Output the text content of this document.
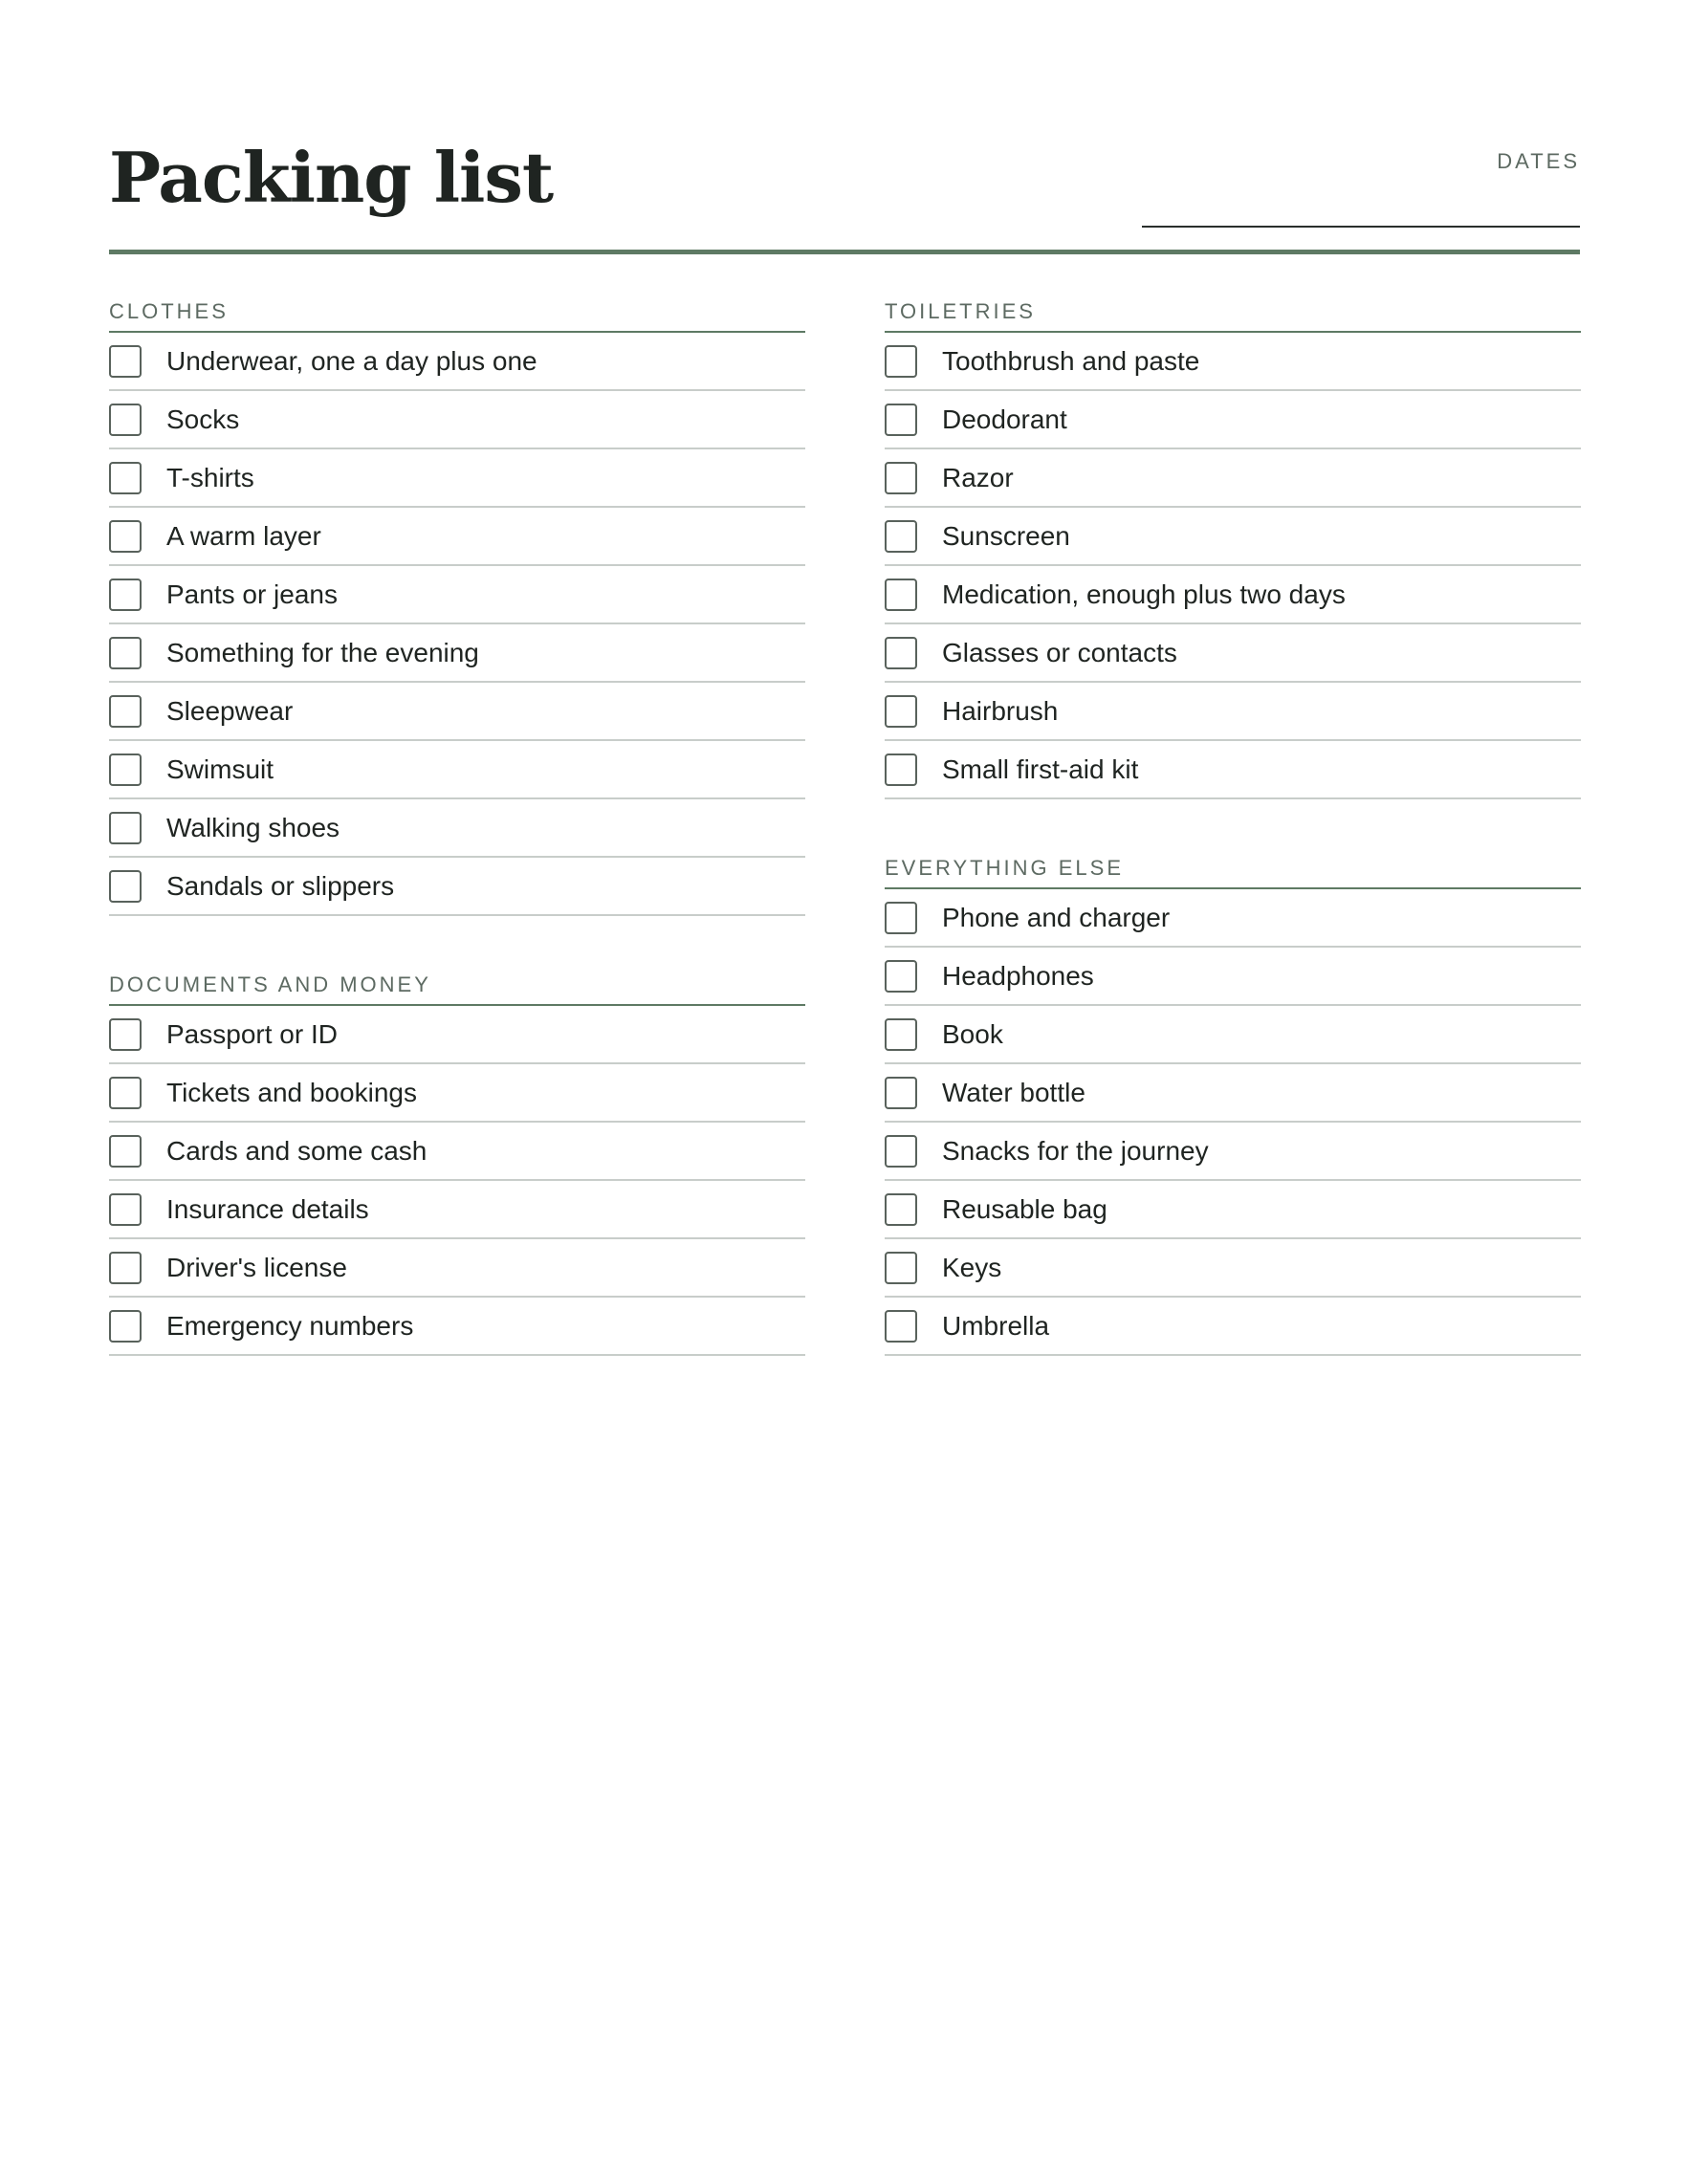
Packing list	DATES
CLOTHES
Underwear, one a day plus one
Socks
T-shirts
A warm layer
Pants or jeans
Something for the evening
Sleepwear
Swimsuit
Walking shoes
Sandals or slippers
DOCUMENTS AND MONEY
Passport or ID
Tickets and bookings
Cards and some cash
Insurance details
Driver's license
Emergency numbers
TOILETRIES
Toothbrush and paste
Deodorant
Razor
Sunscreen
Medication, enough plus two days
Glasses or contacts
Hairbrush
Small first-aid kit
EVERYTHING ELSE
Phone and charger
Headphones
Book
Water bottle
Snacks for the journey
Reusable bag
Keys
Umbrella
